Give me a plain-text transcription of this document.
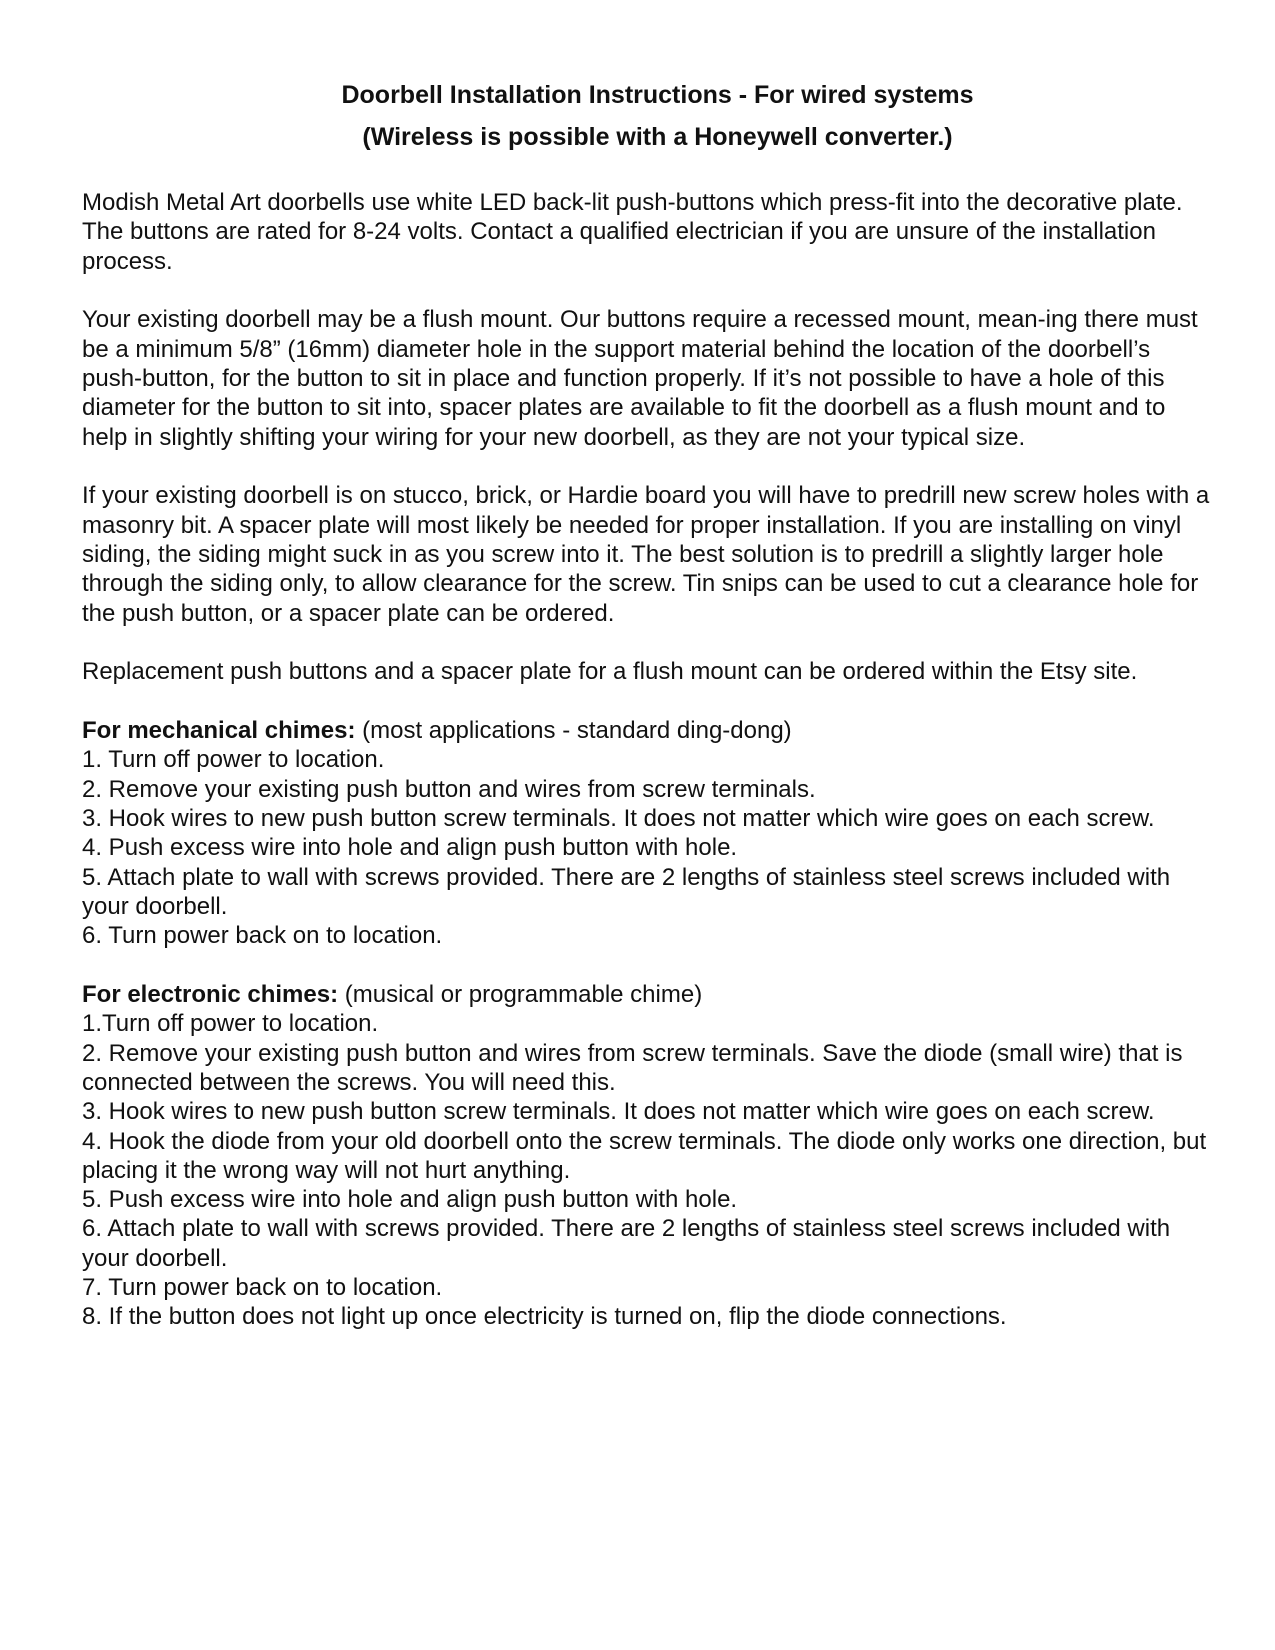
Doorbell Installation Instructions - For wired systems
(Wireless is possible with a Honeywell converter.)

Modish Metal Art doorbells use white LED back-lit push-buttons which press-fit into the decorative plate. The buttons are rated for 8-24 volts. Contact a qualified electrician if you are unsure of the installation process.

Your existing doorbell may be a flush mount. Our buttons require a recessed mount, mean-ing there must be a minimum 5/8” (16mm) diameter hole in the support material behind the location of the doorbell’s push-button, for the button to sit in place and function properly. If it’s not possible to have a hole of this diameter for the button to sit into, spacer plates are available to fit the doorbell as a flush mount and to help in slightly shifting your wiring for your new doorbell, as they are not your typical size.

If your existing doorbell is on stucco, brick, or Hardie board you will have to predrill new screw holes with a masonry bit. A spacer plate will most likely be needed for proper installation. If you are installing on vinyl siding, the siding might suck in as you screw into it. The best solution is to predrill a slightly larger hole through the siding only, to allow clearance for the screw. Tin snips can be used to cut a clearance hole for the push button, or a spacer plate can be ordered.

Replacement push buttons and a spacer plate for a flush mount can be ordered within the Etsy site.

For mechanical chimes: (most applications - standard ding-dong)
1. Turn off power to location.
2. Remove your existing push button and wires from screw terminals.
3. Hook wires to new push button screw terminals. It does not matter which wire goes on each screw.
4. Push excess wire into hole and align push button with hole.
5. Attach plate to wall with screws provided. There are 2 lengths of stainless steel screws included with your doorbell.
6. Turn power back on to location.
For electronic chimes: (musical or programmable chime)
1.Turn off power to location.
2. Remove your existing push button and wires from screw terminals. Save the diode (small wire) that is connected between the screws. You will need this.
3. Hook wires to new push button screw terminals. It does not matter which wire goes on each screw.
4. Hook the diode from your old doorbell onto the screw terminals. The diode only works one direction, but placing it the wrong way will not hurt anything.
5. Push excess wire into hole and align push button with hole.
6. Attach plate to wall with screws provided. There are 2 lengths of stainless steel screws included with your doorbell.
7. Turn power back on to location.
8. If the button does not light up once electricity is turned on, flip the diode connections.
